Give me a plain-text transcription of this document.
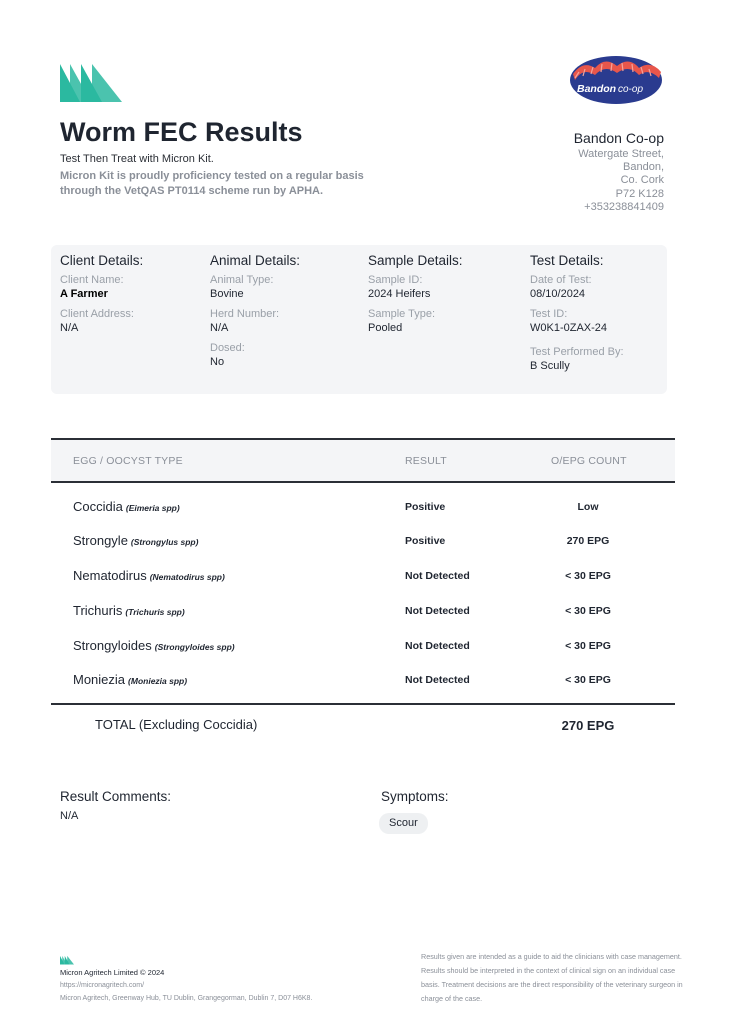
Worm FEC Results
Test Then Treat with Micron Kit.
Micron Kit is proudly proficiency tested on a regular basis through the VetQAS PT0114 scheme run by APHA.
Bandon co-op
Bandon Co-op
Watergate Street,
Bandon,
Co. Cork
P72 K128
+353238841409
Client Details:
Client Name:
A Farmer
Client Address:
N/A
Animal Details:
Animal Type:
Bovine
Herd Number:
N/A
Dosed:
No
Sample Details:
Sample ID:
2024 Heifers
Sample Type:
Pooled
Test Details:
Date of Test:
08/10/2024
Test ID:
W0K1-0ZAX-24
Test Performed By:
B Scully
EGG / OOCYST TYPE	RESULT	O/EPG COUNT
Coccidia (Eimeria spp)	Positive	Low
Strongyle (Strongylus spp)	Positive	270 EPG
Nematodirus (Nematodirus spp)	Not Detected	< 30 EPG
Trichuris (Trichuris spp)	Not Detected	< 30 EPG
Strongyloides (Strongyloides spp)	Not Detected	< 30 EPG
Moniezia (Moniezia spp)	Not Detected	< 30 EPG
TOTAL (Excluding Coccidia)	270 EPG
Result Comments:
N/A
Symptoms:
Scour
Micron Agritech Limited © 2024
https://micronagritech.com/
Micron Agritech, Greenway Hub, TU Dublin, Grangegorman, Dublin 7, D07 H6K8.
Results given are intended as a guide to aid the clinicians with case management. Results should be interpreted in the context of clinical sign on an individual case basis. Treatment decisions are the direct responsibility of the veterinary surgeon in charge of the case.
